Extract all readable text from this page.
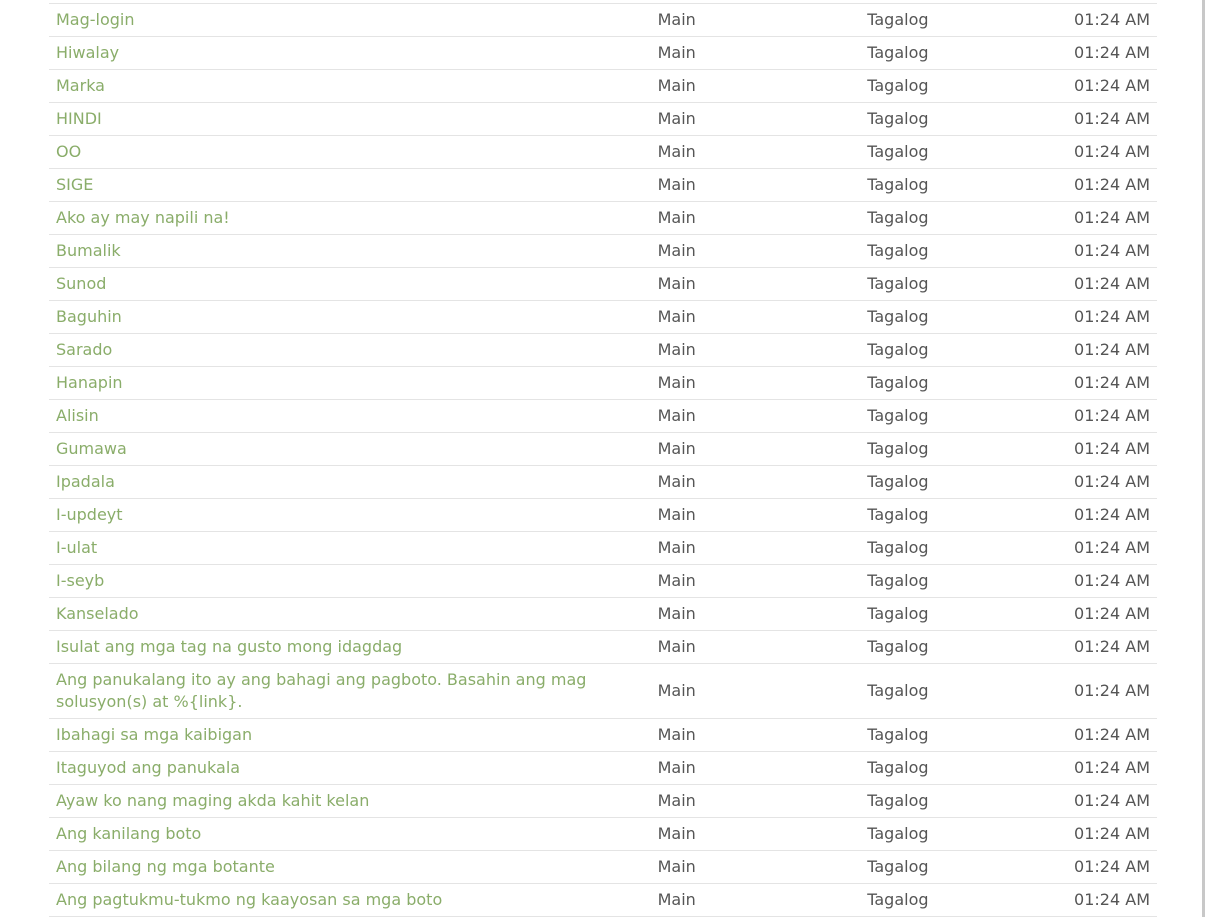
Mag-login	Main	Tagalog	01:24 AM
Hiwalay	Main	Tagalog	01:24 AM
Marka	Main	Tagalog	01:24 AM
HINDI	Main	Tagalog	01:24 AM
OO	Main	Tagalog	01:24 AM
SIGE	Main	Tagalog	01:24 AM
Ako ay may napili na!	Main	Tagalog	01:24 AM
Bumalik	Main	Tagalog	01:24 AM
Sunod	Main	Tagalog	01:24 AM
Baguhin	Main	Tagalog	01:24 AM
Sarado	Main	Tagalog	01:24 AM
Hanapin	Main	Tagalog	01:24 AM
Alisin	Main	Tagalog	01:24 AM
Gumawa	Main	Tagalog	01:24 AM
Ipadala	Main	Tagalog	01:24 AM
I-updeyt	Main	Tagalog	01:24 AM
I-ulat	Main	Tagalog	01:24 AM
I-seyb	Main	Tagalog	01:24 AM
Kanselado	Main	Tagalog	01:24 AM
Isulat ang mga tag na gusto mong idagdag	Main	Tagalog	01:24 AM
Ang panukalang ito ay ang bahagi ang pagboto. Basahin ang mag solusyon(s) at %{link}.	Main	Tagalog	01:24 AM
Ibahagi sa mga kaibigan	Main	Tagalog	01:24 AM
Itaguyod ang panukala	Main	Tagalog	01:24 AM
Ayaw ko nang maging akda kahit kelan	Main	Tagalog	01:24 AM
Ang kanilang boto	Main	Tagalog	01:24 AM
Ang bilang ng mga botante	Main	Tagalog	01:24 AM
Ang pagtukmu-tukmo ng kaayosan sa mga boto	Main	Tagalog	01:24 AM
